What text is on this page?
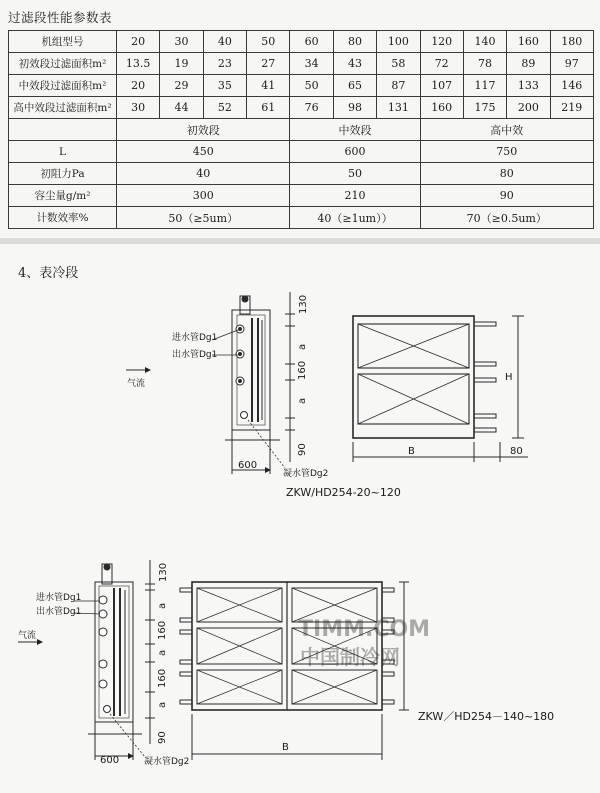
过滤段性能参数表
机组型号	20	30	40	50	60	80	100	120	140	160	180
初效段过滤面积m²	13.5	19	23	27	34	43	58	72	78	89	97
中效段过滤面积m²	20	29	35	41	50	65	87	107	117	133	146
高中效段过滤面积m²	30	44	52	61	76	98	131	160	175	200	219
	初效段				中效段			高中效			
L	450				600			750			
初阻力Pa	40				50			80			
容尘量g/m²	300				210			90			
计数效率%	50（≥5um）				40（≥1um））			70（≥0.5um）			
4、表冷段
进水管Dg1
出水管Dg1
气流
凝水管Dg2
600
130
a
160
a
90	B	80
H
ZKW/HD254-20~120
进水管Dg1
出水管Dg1
气流
凝水管Dg2
600
130
a
160
a
160
a
90
B
ZKW／HD254－140~180
TIMM.COM
中国制冷网
